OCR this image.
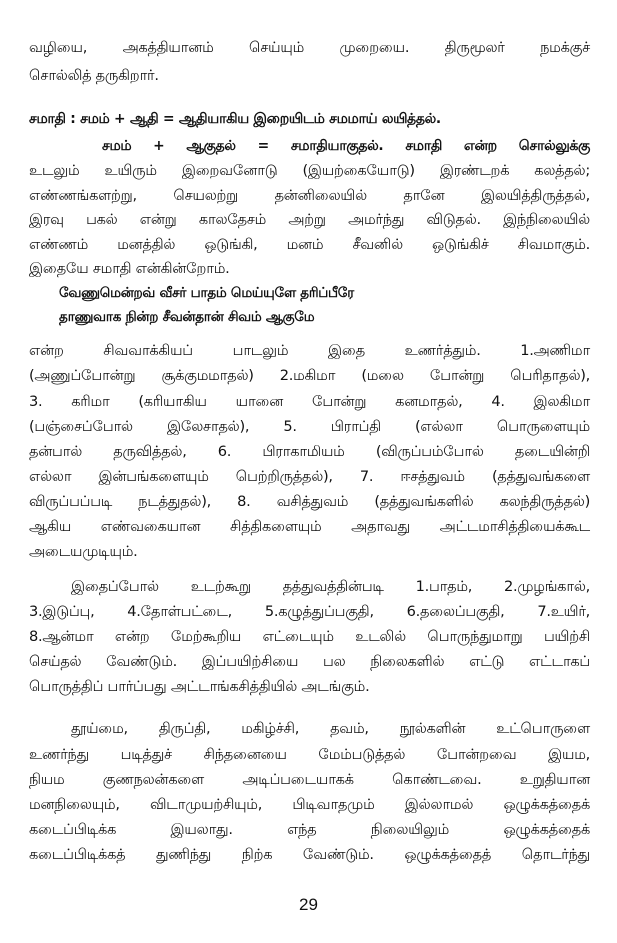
வழியை, அகத்தியானம் செய்யும் முறையை. திருமூலர் நமக்குச்
சொல்லித் தருகிறார்.
சமாதி : சமம் + ஆதி = ஆதியாகிய இறையிடம் சமமாய் லயித்தல்.
சமம் + ஆகுதல் = சமாதியாகுதல். சமாதி என்ற சொல்லுக்கு
உடலும் உயிரும் இறைவனோடு (இயற்கையோடு) இரண்டறக் கலத்தல்;
எண்ணங்களற்று, செயலற்று தன்னிலையில் தானே இலயித்திருத்தல்,
இரவு பகல் என்று காலதேசம் அற்று அமர்ந்து விடுதல். இந்நிலையில்
எண்ணம் மனத்தில் ஒடுங்கி, மனம் சீவனில் ஒடுங்கிச் சிவமாகும்.
இதையே சமாதி என்கின்றோம்.
வேணுமென்றவ் வீசர் பாதம் மெய்யுளே தரிப்பீரே
தாணுவாக நின்ற சீவன்தான் சிவம் ஆகுமே
என்ற சிவவாக்கியப் பாடலும் இதை உணர்த்தும். 1.அணிமா
(அணுப்போன்று சூக்குமமாதல்) 2.மகிமா (மலை போன்று பெரிதாதல்),
3. கரிமா (கரியாகிய யானை போன்று கனமாதல், 4. இலகிமா
(பஞ்சைப்போல் இலேசாதல்), 5. பிராப்தி (எல்லா பொருளையும்
தன்பால் தருவித்தல், 6. பிராகாமியம் (விருப்பம்போல் தடையின்றி
எல்லா இன்பங்களையும் பெற்றிருத்தல்), 7. ஈசத்துவம் (தத்துவங்களை
விருப்பப்படி நடத்துதல்), 8. வசித்துவம் (தத்துவங்களில் கலந்திருத்தல்)
ஆகிய எண்வகையான சித்திகளையும் அதாவது அட்டமாசித்தியைக்கூட
அடையமுடியும்.
இதைப்போல் உடற்கூறு தத்துவத்தின்படி 1.பாதம், 2.முழங்கால்,
3.இடுப்பு, 4.தோள்பட்டை, 5.கழுத்துப்பகுதி, 6.தலைப்பகுதி, 7.உயிர்,
8.ஆன்மா என்ற மேற்கூறிய எட்டையும் உடலில் பொருந்துமாறு பயிற்சி
செய்தல் வேண்டும். இப்பயிற்சியை பல நிலைகளில் எட்டு எட்டாகப்
பொருத்திப் பார்ப்பது அட்டாங்கசித்தியில் அடங்கும்.
தூய்மை, திருப்தி, மகிழ்ச்சி, தவம், நூல்களின் உட்பொருளை
உணர்ந்து படித்துச் சிந்தனையை மேம்படுத்தல் போன்றவை இயம,
நியம குணநலன்களை அடிப்படையாகக் கொண்டவை. உறுதியான
மனநிலையும், விடாமுயற்சியும், பிடிவாதமும் இல்லாமல் ஒழுக்கத்தைக்
கடைப்பிடிக்க இயலாது. எந்த நிலையிலும் ஒழுக்கத்தைக்
கடைப்பிடிக்கத் துணிந்து நிற்க வேண்டும். ஒழுக்கத்தைத் தொடர்ந்து
29
